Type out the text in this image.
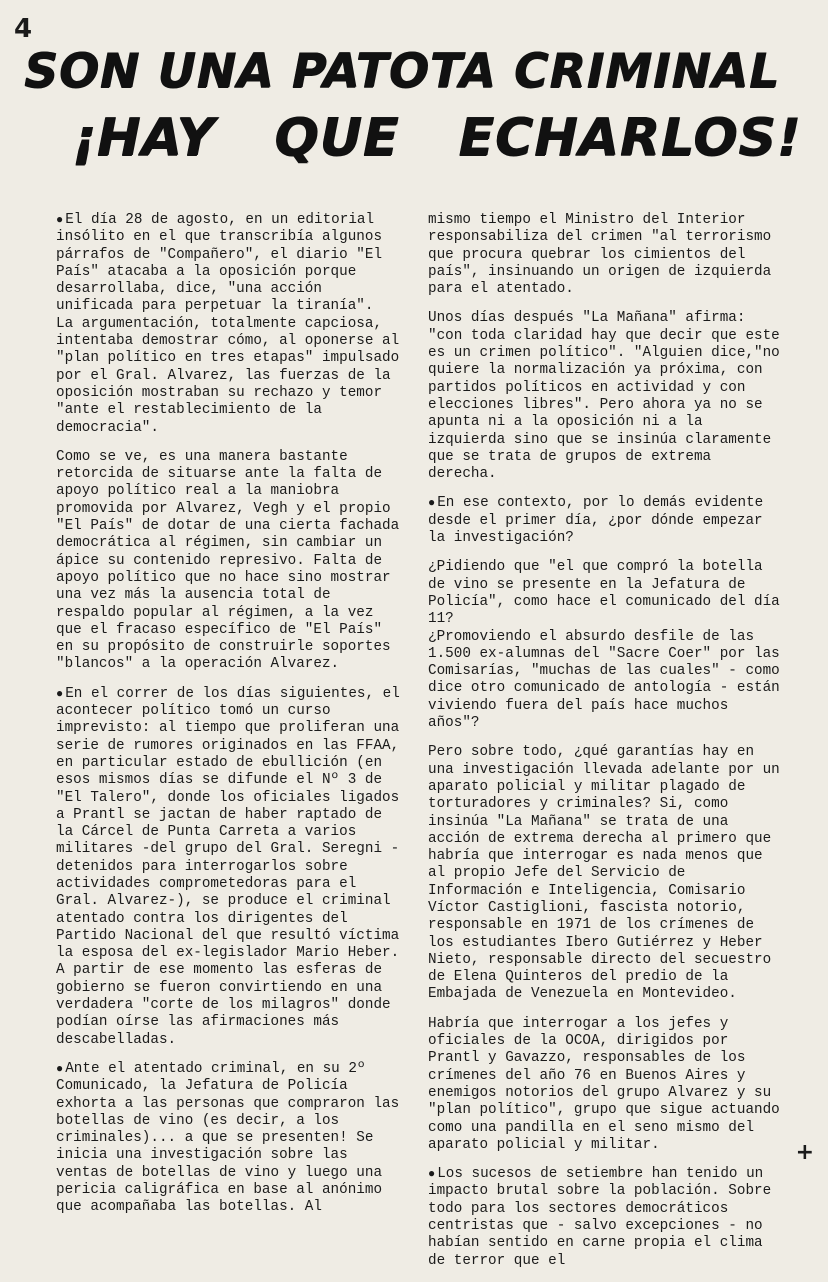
4
SON UNA PATOTA CRIMINAL
¡HAY QUE ECHARLOS!

● El día 28 de agosto, en un editorial insólito en el que transcribía algunos párrafos de "Compañero", el diario "El País" atacaba a la oposición porque desarrollaba, dice, "una acción unificada para perpetuar la tiranía".
La argumentación, totalmente capciosa, intentaba demostrar cómo, al oponerse al "plan político en tres etapas" impulsado por el Gral. Alvarez, las fuerzas de la oposición mostraban su rechazo y temor "ante el restablecimiento de la democracia".

Como se ve, es una manera bastante retorcida de situarse ante la falta de apoyo político real a la maniobra promovida por Alvarez, Vegh y el propio "El País" de dotar de una cierta fachada democrática al régimen, sin cambiar un ápice su contenido represivo. Falta de apoyo político que no hace sino mostrar una vez más la ausencia total de respaldo popular al régimen, a la vez que el fracaso específico de "El País" en su propósito de construirle soportes "blancos" a la operación Alvarez.

● En el correr de los días siguientes, el acontecer político tomó un curso imprevisto: al tiempo que proliferan una serie de rumores originados en las FFAA, en particular estado de ebullición (en esos mismos días se difunde el Nº 3 de "El Talero", donde los oficiales ligados a Prantl se jactan de haber raptado de la Cárcel de Punta Carreta a varios militares -del grupo del Gral. Seregni - detenidos para interrogarlos sobre actividades comprometedoras para el Gral. Alvarez-), se produce el criminal atentado contra los dirigentes del Partido Nacional del que resultó víctima la esposa del ex-legislador Mario Heber. A partir de ese momento las esferas de gobierno se fueron convirtiendo en una verdadera "corte de los milagros" donde podían oírse las afirmaciones más descabelladas.

● Ante el atentado criminal, en su 2º Comunicado, la Jefatura de Policía exhorta a las personas que compraron las botellas de vino (es decir, a los criminales)... a que se presenten! Se inicia una investigación sobre las ventas de botellas de vino y luego una pericia caligráfica en base al anónimo que acompañaba las botellas. Al

mismo tiempo el Ministro del Interior responsabiliza del crimen "al terrorismo que procura quebrar los cimientos del país", insinuando un origen de izquierda para el atentado.

Unos días después "La Mañana" afirma: "con toda claridad hay que decir que este es un crimen político". "Alguien dice,"no quiere la normalización ya próxima, con partidos políticos en actividad y con elecciones libres". Pero ahora ya no se apunta ni a la oposición ni a la izquierda sino que se insinúa claramente que se trata de grupos de extrema derecha.

● En ese contexto, por lo demás evidente desde el primer día, ¿por dónde empezar la investigación?

¿Pidiendo que "el que compró la botella de vino se presente en la Jefatura de Policía", como hace el comunicado del día 11?
¿Promoviendo el absurdo desfile de las 1.500 ex-alumnas del "Sacre Coer" por las Comisarías, "muchas de las cuales" - como dice otro comunicado de antología - están viviendo fuera del país hace muchos años"?

Pero sobre todo, ¿qué garantías hay en una investigación llevada adelante por un aparato policial y militar plagado de torturadores y criminales? Si, como insinúa "La Mañana" se trata de una acción de extrema derecha al primero que habría que interrogar es nada menos que al propio Jefe del Servicio de Información e Inteligencia, Comisario Víctor Castiglioni, fascista notorio, responsable en 1971 de los crímenes de los estudiantes Ibero Gutiérrez y Heber Nieto, responsable directo del secuestro de Elena Quinteros del predio de la Embajada de Venezuela en Montevideo.

Habría que interrogar a los jefes y oficiales de la OCOA, dirigidos por Prantl y Gavazzo, responsables de los crímenes del año 76 en Buenos Aires y enemigos notorios del grupo Alvarez y su "plan político", grupo que sigue actuando como una pandilla en el seno mismo del aparato policial y militar.

● Los sucesos de setiembre han tenido un impacto brutal sobre la población. Sobre todo para los sectores democráticos centristas que - salvo excepciones - no habían sentido en carne propia el clima de terror que el

+
